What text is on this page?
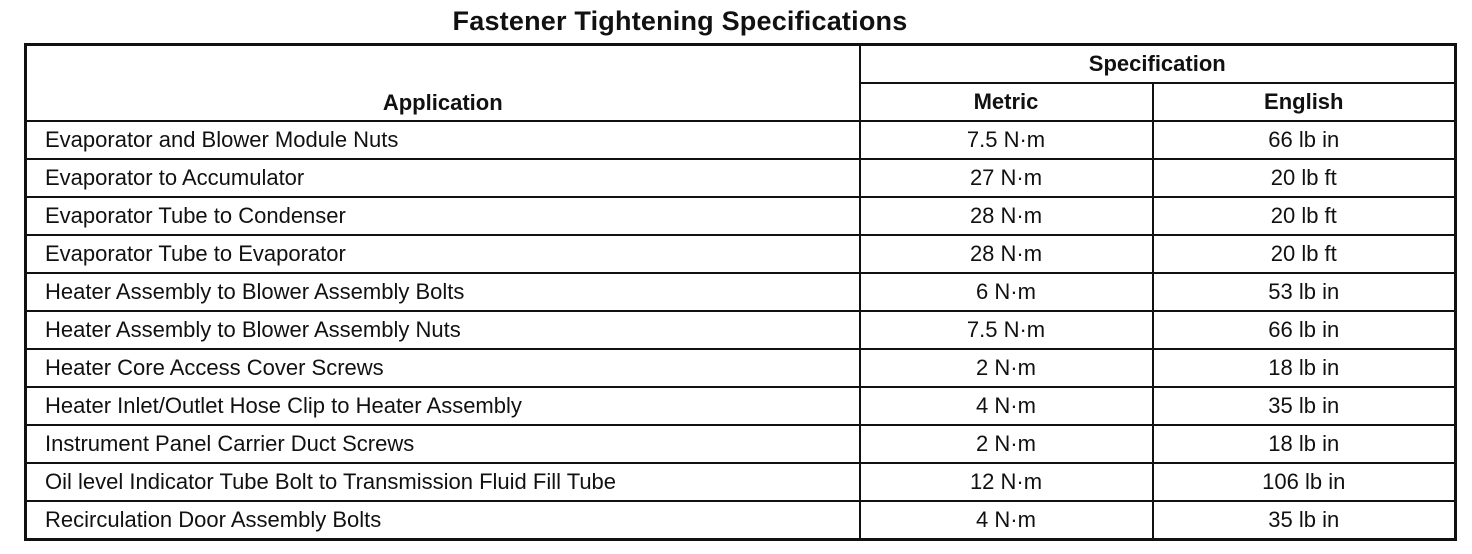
Fastener Tightening Specifications
Application	Specification	
	Metric	English
Evaporator and Blower Module Nuts	7.5 N·m	66 lb in
Evaporator to Accumulator	27 N·m	20 lb ft
Evaporator Tube to Condenser	28 N·m	20 lb ft
Evaporator Tube to Evaporator	28 N·m	20 lb ft
Heater Assembly to Blower Assembly Bolts	6 N·m	53 lb in
Heater Assembly to Blower Assembly Nuts	7.5 N·m	66 lb in
Heater Core Access Cover Screws	2 N·m	18 lb in
Heater Inlet/Outlet Hose Clip to Heater Assembly	4 N·m	35 lb in
Instrument Panel Carrier Duct Screws	2 N·m	18 lb in
Oil level Indicator Tube Bolt to Transmission Fluid Fill Tube	12 N·m	106 lb in
Recirculation Door Assembly Bolts	4 N·m	35 lb in
